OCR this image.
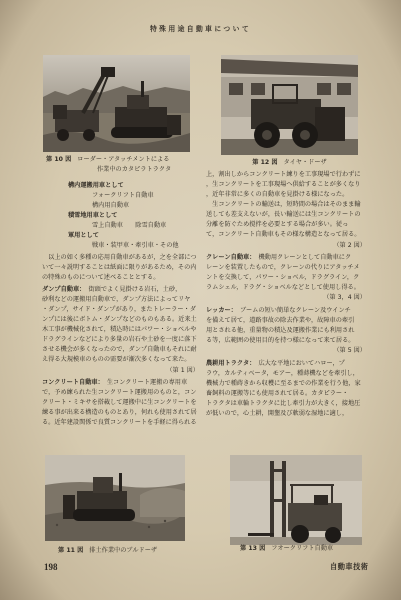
特殊用途自動車について
第 10 図 ローダー・アタッチメントによる
作業中のカタピラトラクタ
第 12 図 タイヤ・ドーザ
構内運搬用車として
フォークリフト自動車
構内用自動車
積雪地用車として
雪上自動車　　除雪自動車
軍用として
戦車・装甲車・牽引車・その他
　以上の如く多種の応用自動車があるが，之を全部につ
いて一々説明することは紙面に限りがあるため，その内
の特殊のものについて述べることとする。
ダンプ自動車：　街頭でよく見掛ける岩石，土砂，
砂利などの運搬用自動車で，ダンプ方法によってリヤ
・ダンプ，サイド・ダンプがあり，またトレーラー・ダ
ンプには後にボトム・ダンプなどのものもある。近来土
木工事が機械化されて，積込時にはパワー・ショベルや
ドラグラインなどにより多量の岩石や土砂を一度に落下
させる機会が多くなったので，ダンプ自動車もそれに耐
え得る大規模車のものの需要が漸次多くなって来た。
（第 1 図）
コンクリート自動車：　生コンクリート運搬の専用車
で，予め練られた生コンクリート運搬用のものと，コン
クリート・ミキサを搭載して運搬中に生コンクリートを
練る事が出来る構造のものとあり，何れも使用されて居
る。近年建設関係で良質コンクリートを手軽に得られる
上，割出しからコンクリート練りを工事現場で行わずに
，生コンクリートを工事現場へ供給することが多くなり
，近年非常に多くの自動車を見掛ける様になった。
　生コンクリートの輸送は，短時間の場合はそのまま輸
送しても差支えないが，長い輸送には生コンクリートの
分離を防ぐため撹拌を必要とする場合が多い。従っ
て，コンクリート自動車もその様な構造となって居る。
（第 2 図）
クレーン自動車：　機動用クレーンとして自動車にク
レーンを装置したもので，クレーンの代りにアタッチメ
ントを交換して，パワー・ショベル，ドラグライン，ク
ラムシェル，ドラグ・ショベルなどとして使用し得る。
（第 3，4 図）
レッカー：　ブームの短い簡単なクレーン及ウインチ
を備えて居て，道路事故の除去作業や，故障車の牽引
用とされる他，重量物の積込及運搬作業にも利用され
る等，広範囲の使用目的を持つ様になって来て居る。
（第 5 図）
農耕用トラクタ：　広大な平地においてハロー，プ
ラウ，カルティベータ，モアー，種蒔機などを牽引し，
機械力で種蒔きから収穫に至るまでの作業を行う他，家
畜飼料の運搬等にも使用されて居る。カタピラー・
トラクタは車輪トラクタに比し牽引力が大きく，接地圧
が低いので，心土耕，開墾及び軟弱な湿地に適し，
第 11 図 排土作業中のブルドーザ	第 13 図 フオークリフト自動車
198	自動車技術
